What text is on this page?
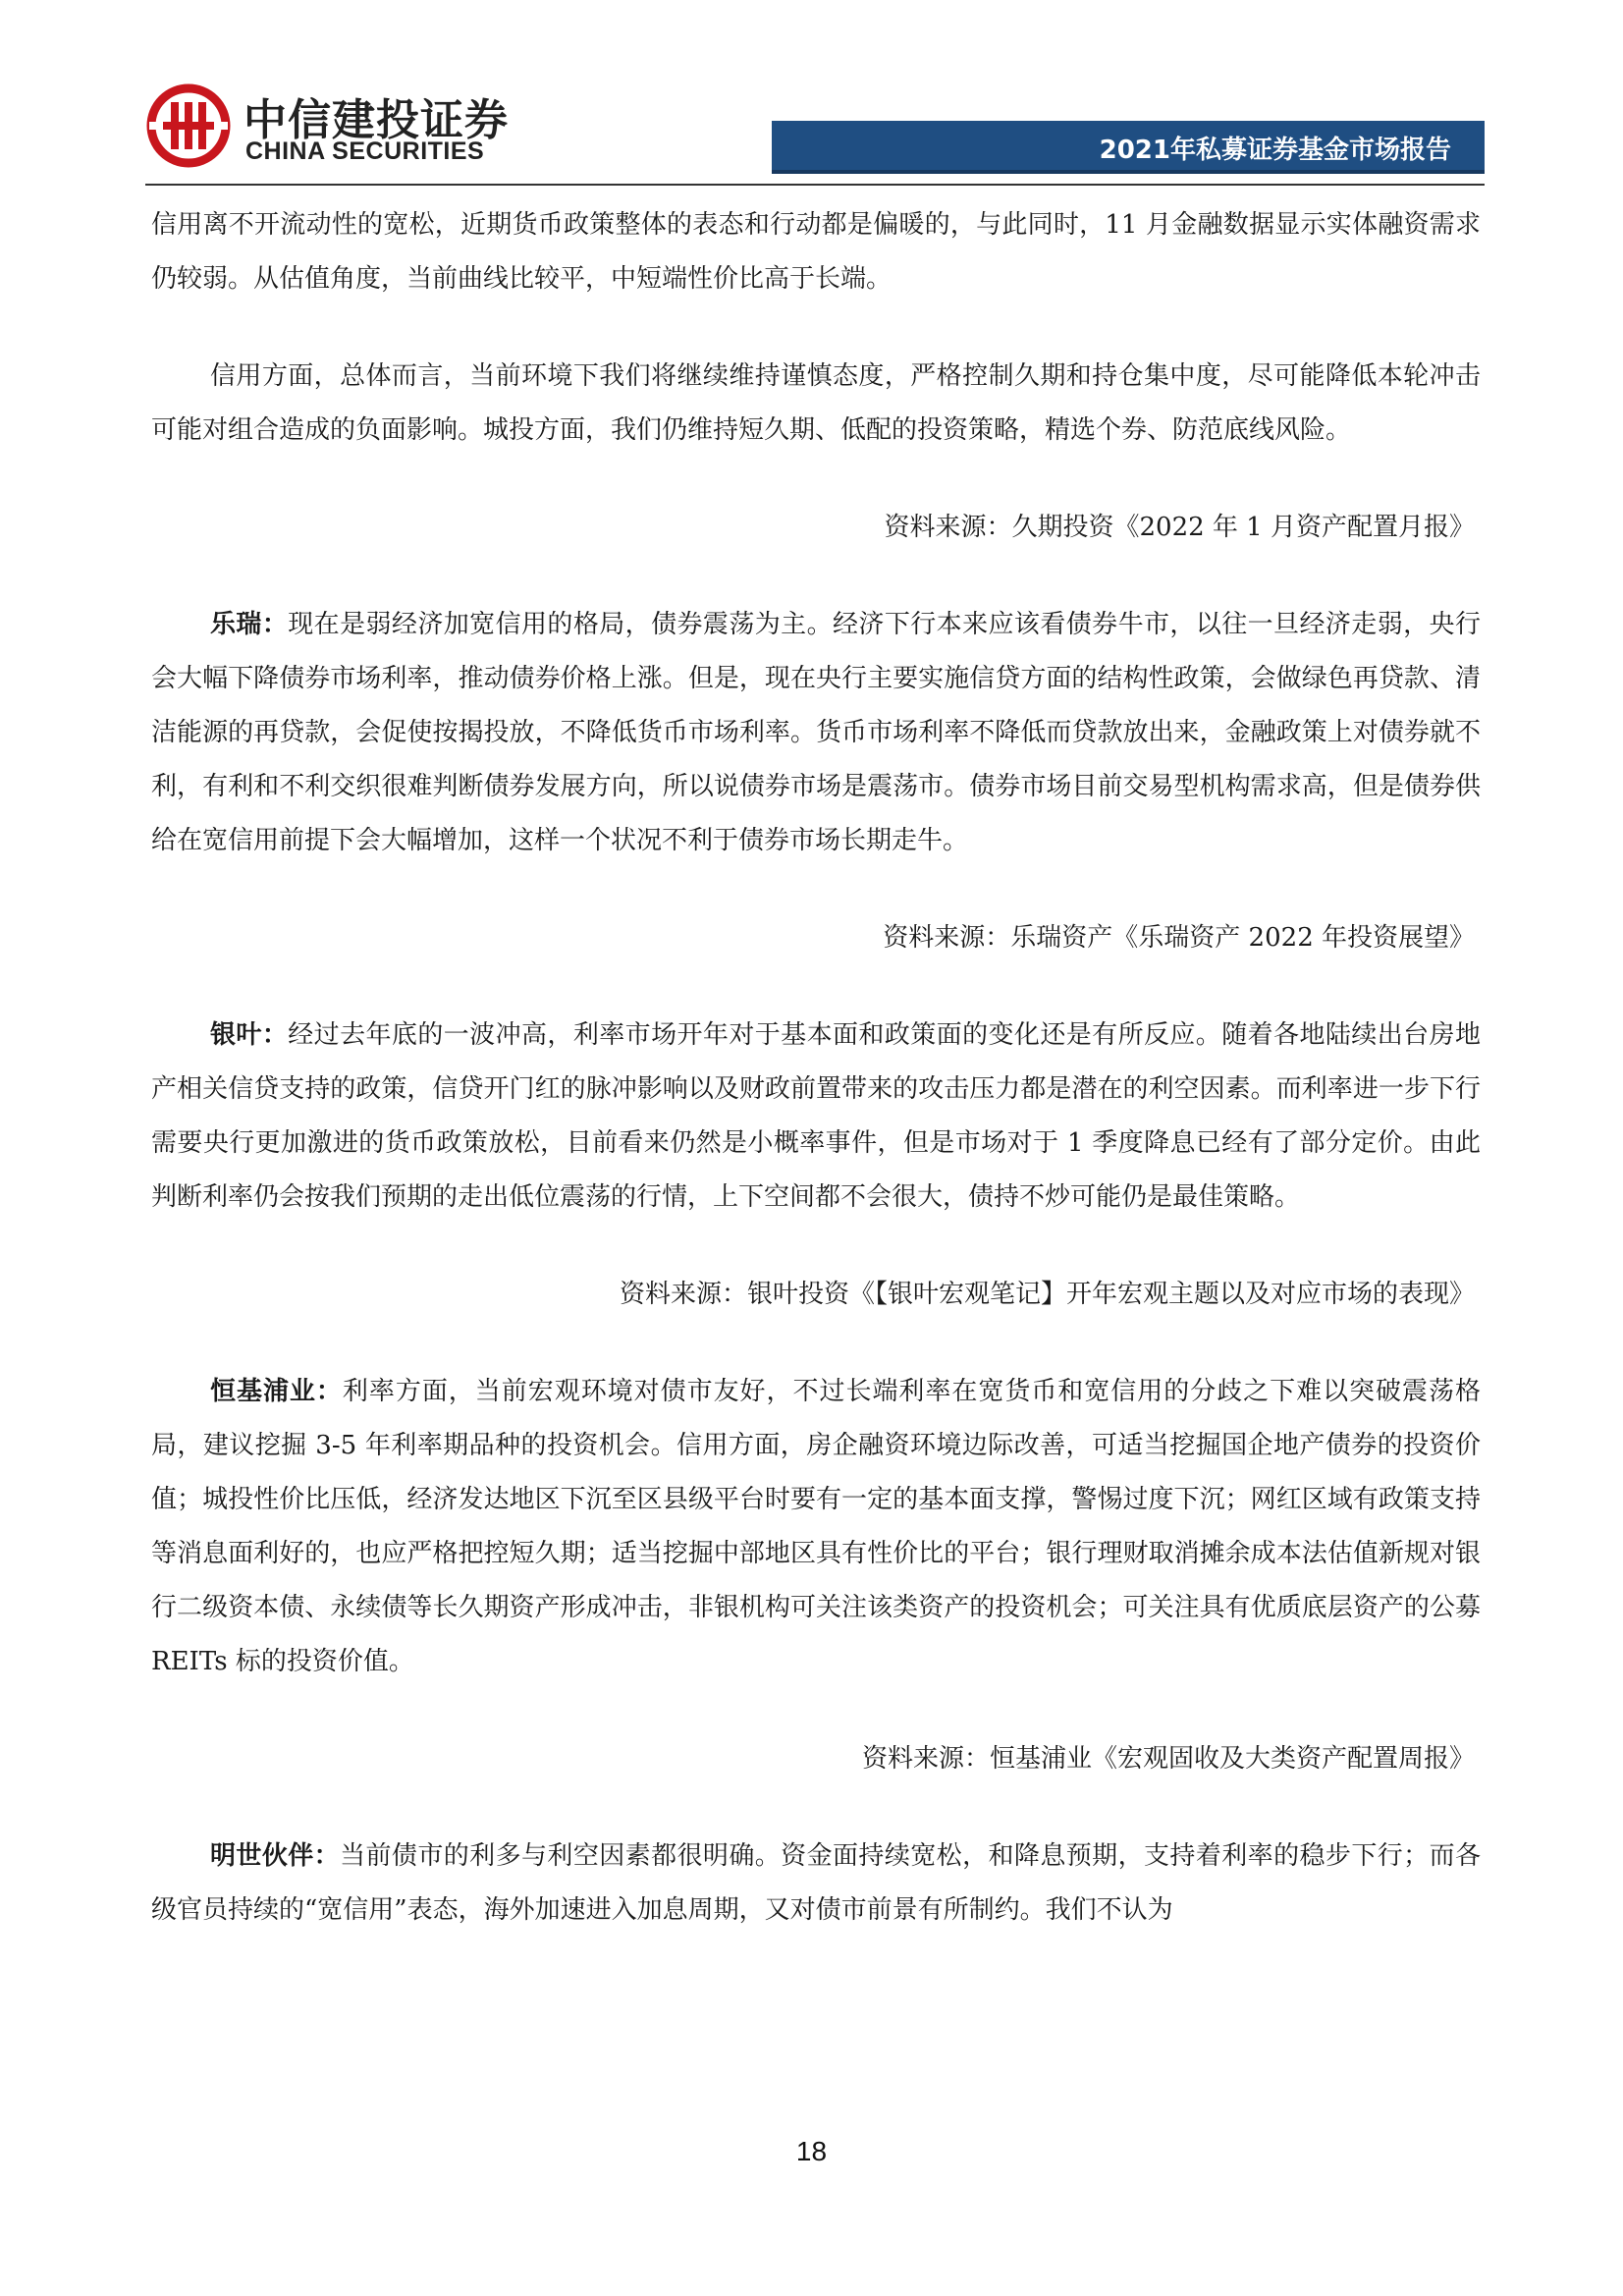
中信建投证券
CHINA SECURITIES	2021年私募证券基金市场报告

信用离不开流动性的宽松，近期货币政策整体的表态和行动都是偏暖的，与此同时，11 月金融数据显示实体融资需求仍较弱。从估值角度，当前曲线比较平，中短端性价比高于长端。

信用方面，总体而言，当前环境下我们将继续维持谨慎态度，严格控制久期和持仓集中度，尽可能降低本轮冲击可能对组合造成的负面影响。城投方面，我们仍维持短久期、低配的投资策略，精选个券、防范底线风险。

资料来源：久期投资《2022 年 1 月资产配置月报》

乐瑞：现在是弱经济加宽信用的格局，债券震荡为主。经济下行本来应该看债券牛市，以往一旦经济走弱，央行会大幅下降债券市场利率，推动债券价格上涨。但是，现在央行主要实施信贷方面的结构性政策，会做绿色再贷款、清洁能源的再贷款，会促使按揭投放，不降低货币市场利率。货币市场利率不降低而贷款放出来，金融政策上对债券就不利，有利和不利交织很难判断债券发展方向，所以说债券市场是震荡市。债券市场目前交易型机构需求高，但是债券供给在宽信用前提下会大幅增加，这样一个状况不利于债券市场长期走牛。

资料来源：乐瑞资产《乐瑞资产 2022 年投资展望》

银叶：经过去年底的一波冲高，利率市场开年对于基本面和政策面的变化还是有所反应。随着各地陆续出台房地产相关信贷支持的政策，信贷开门红的脉冲影响以及财政前置带来的攻击压力都是潜在的利空因素。而利率进一步下行需要央行更加激进的货币政策放松，目前看来仍然是小概率事件，但是市场对于 1 季度降息已经有了部分定价。由此判断利率仍会按我们预期的走出低位震荡的行情，上下空间都不会很大，债持不炒可能仍是最佳策略。

资料来源：银叶投资《【银叶宏观笔记】开年宏观主题以及对应市场的表现》

恒基浦业：利率方面，当前宏观环境对债市友好，不过长端利率在宽货币和宽信用的分歧之下难以突破震荡格局，建议挖掘 3-5 年利率期品种的投资机会。信用方面，房企融资环境边际改善，可适当挖掘国企地产债券的投资价值；城投性价比压低，经济发达地区下沉至区县级平台时要有一定的基本面支撑，警惕过度下沉；网红区域有政策支持等消息面利好的，也应严格把控短久期；适当挖掘中部地区具有性价比的平台；银行理财取消摊余成本法估值新规对银行二级资本债、永续债等长久期资产形成冲击，非银机构可关注该类资产的投资机会；可关注具有优质底层资产的公募 REITs 标的投资价值。

资料来源：恒基浦业《宏观固收及大类资产配置周报》

明世伙伴：当前债市的利多与利空因素都很明确。资金面持续宽松，和降息预期，支持着利率的稳步下行；而各级官员持续的“宽信用”表态，海外加速进入加息周期，又对债市前景有所制约。我们不认为

18
